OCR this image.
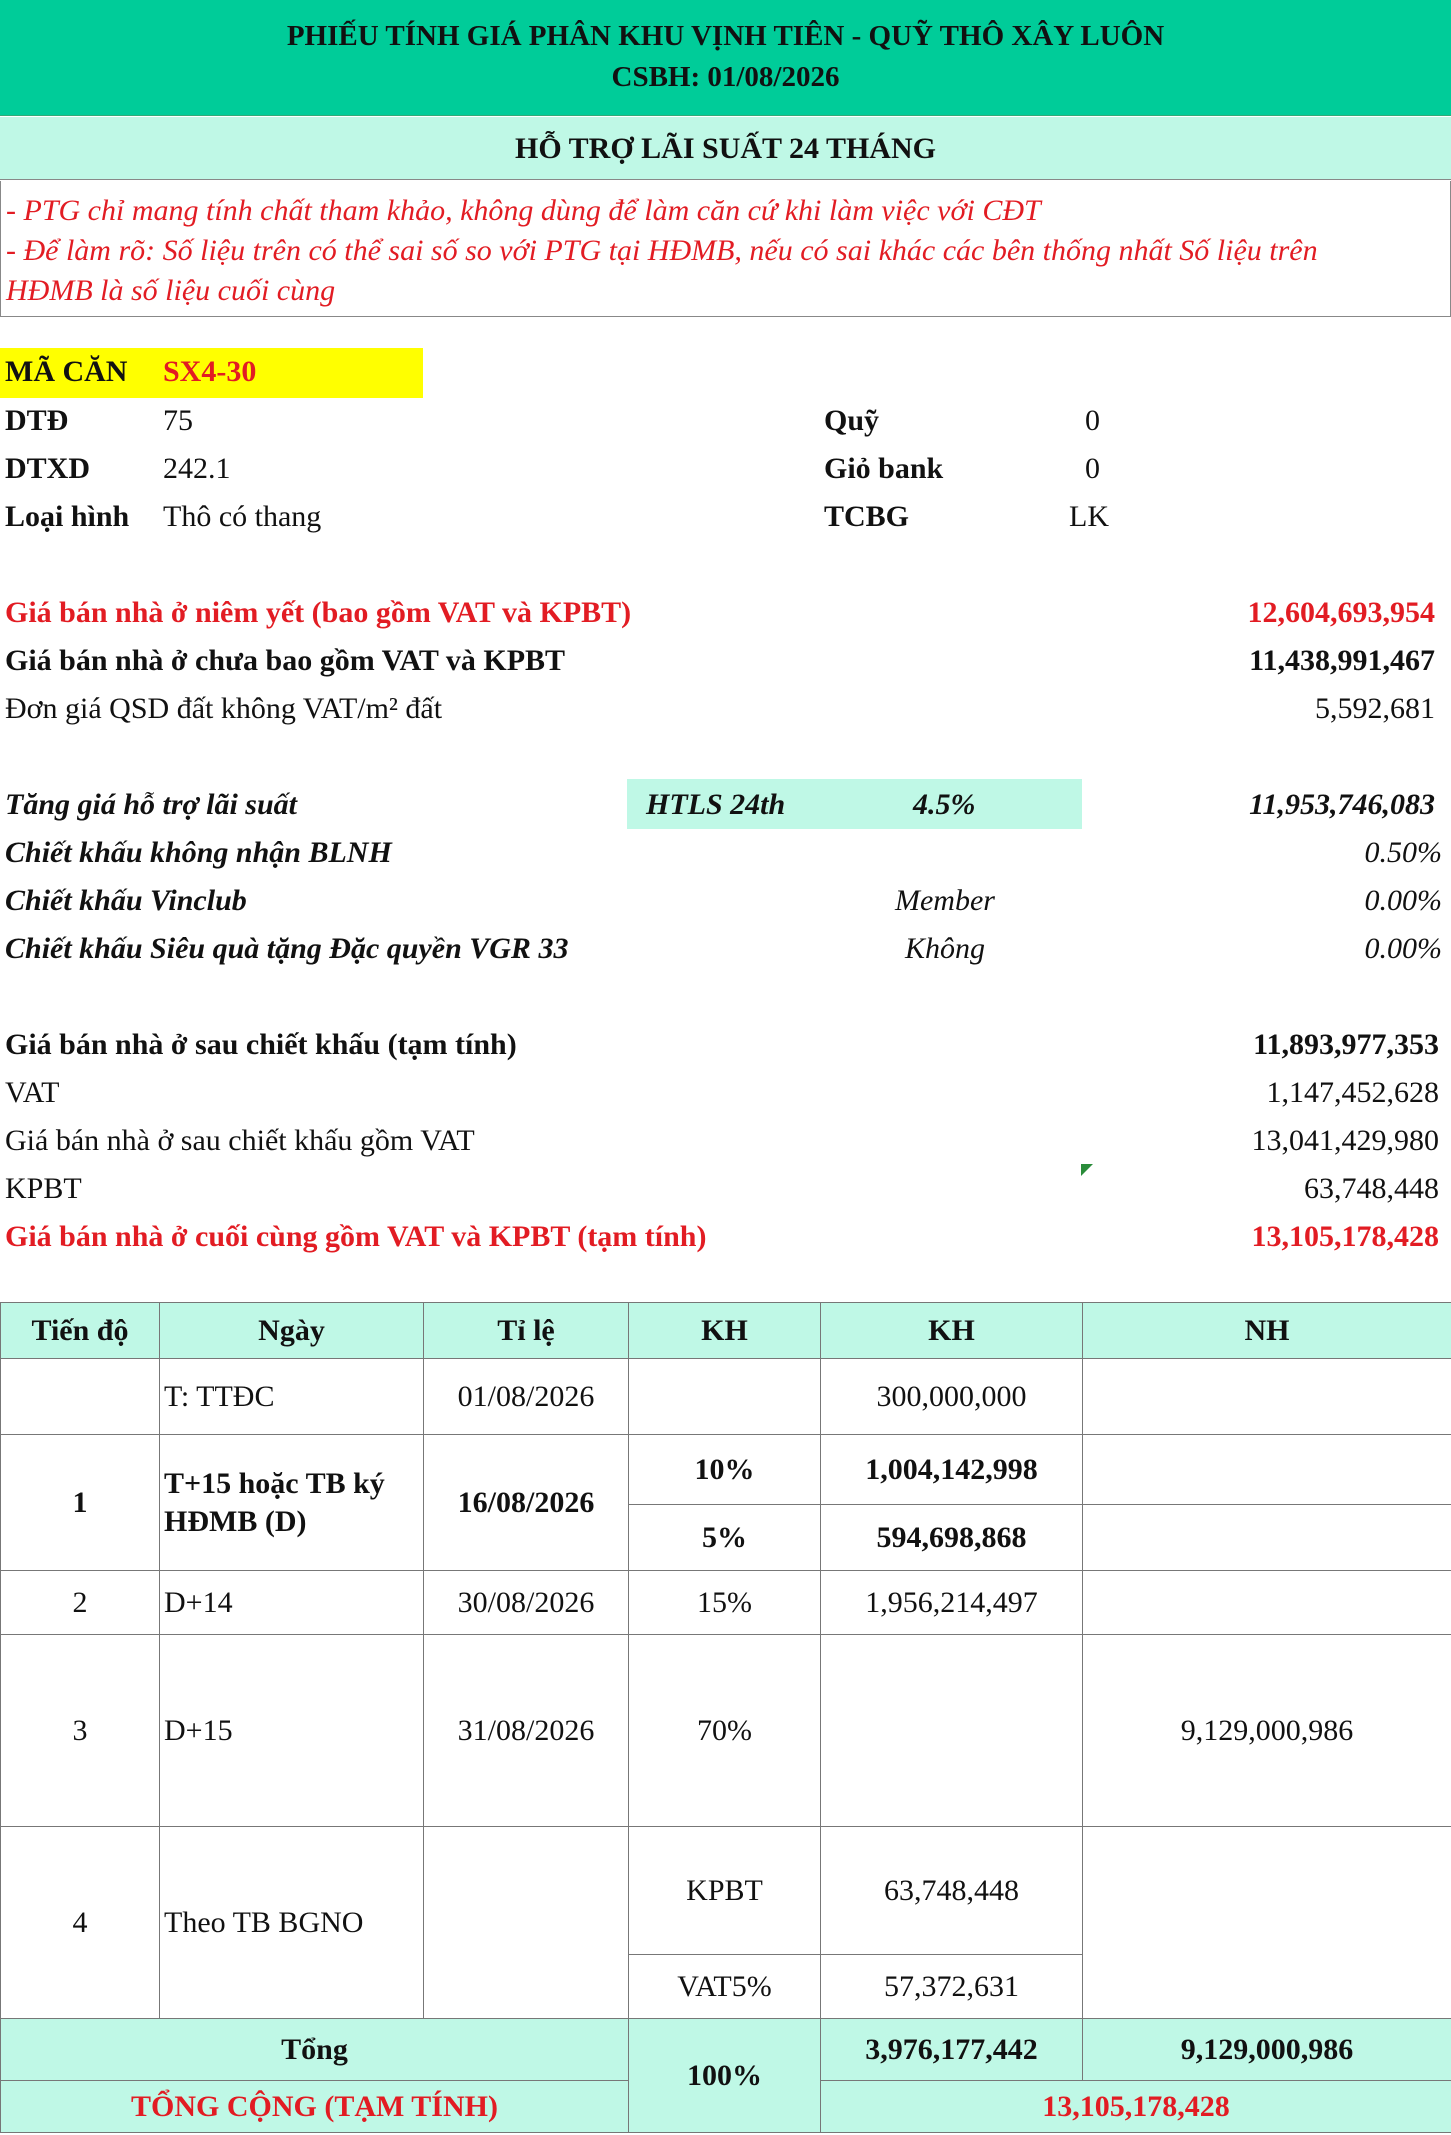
PHIẾU TÍNH GIÁ PHÂN KHU VỊNH TIÊN - QUỸ THÔ XÂY LUÔN
CSBH: 01/08/2026
HỖ TRỢ LÃI SUẤT 24 THÁNG
- PTG chỉ mang tính chất tham khảo, không dùng để làm căn cứ khi làm việc với CĐT
- Để làm rõ: Số liệu trên có thể sai số so với PTG tại HĐMB, nếu có sai khác các bên thống nhất Số liệu trên
HĐMB là số liệu cuối cùng
MÃ CĂN SX4-30
DTĐ	75
DTXD 242.1
Loại hình Thô có thang
Quỹ	0
Giỏ bank	0
TCBG	LK
Giá bán nhà ở niêm yết (bao gồm VAT và KPBT)	12,604,693,954
Giá bán nhà ở chưa bao gồm VAT và KPBT	11,438,991,467
Đơn giá QSD đất không VAT/m² đất	5,592,681
Tăng giá hỗ trợ lãi suất	HTLS 24th	4.5%	11,953,746,083
Chiết khấu không nhận BLNH	0.50%
Chiết khấu Vinclub	Member	0.00%
Chiết khấu Siêu quà tặng Đặc quyền VGR 33	Không	0.00%
Giá bán nhà ở sau chiết khấu (tạm tính)	11,893,977,353
VAT	1,147,452,628
Giá bán nhà ở sau chiết khấu gồm VAT	13,041,429,980
KPBT	63,748,448
Giá bán nhà ở cuối cùng gồm VAT và KPBT (tạm tính)	13,105,178,428
Tiến độ	Ngày	Tỉ lệ	KH	KH	NH
	T: TTĐC	01/08/2026		300,000,000	
1	T+15 hoặc TB ký HĐMB (D)	16/08/2026	10%	1,004,142,998	
			5%	594,698,868	
2	D+14	30/08/2026	15%	1,956,214,497	
3	D+15	31/08/2026	70%		9,129,000,986
4	Theo TB BGNO		KPBT	63,748,448	
			VAT5%	57,372,631	
Tổng			100%	3,976,177,442	9,129,000,986
TỔNG CỘNG (TẠM TÍNH)				13,105,178,428	
